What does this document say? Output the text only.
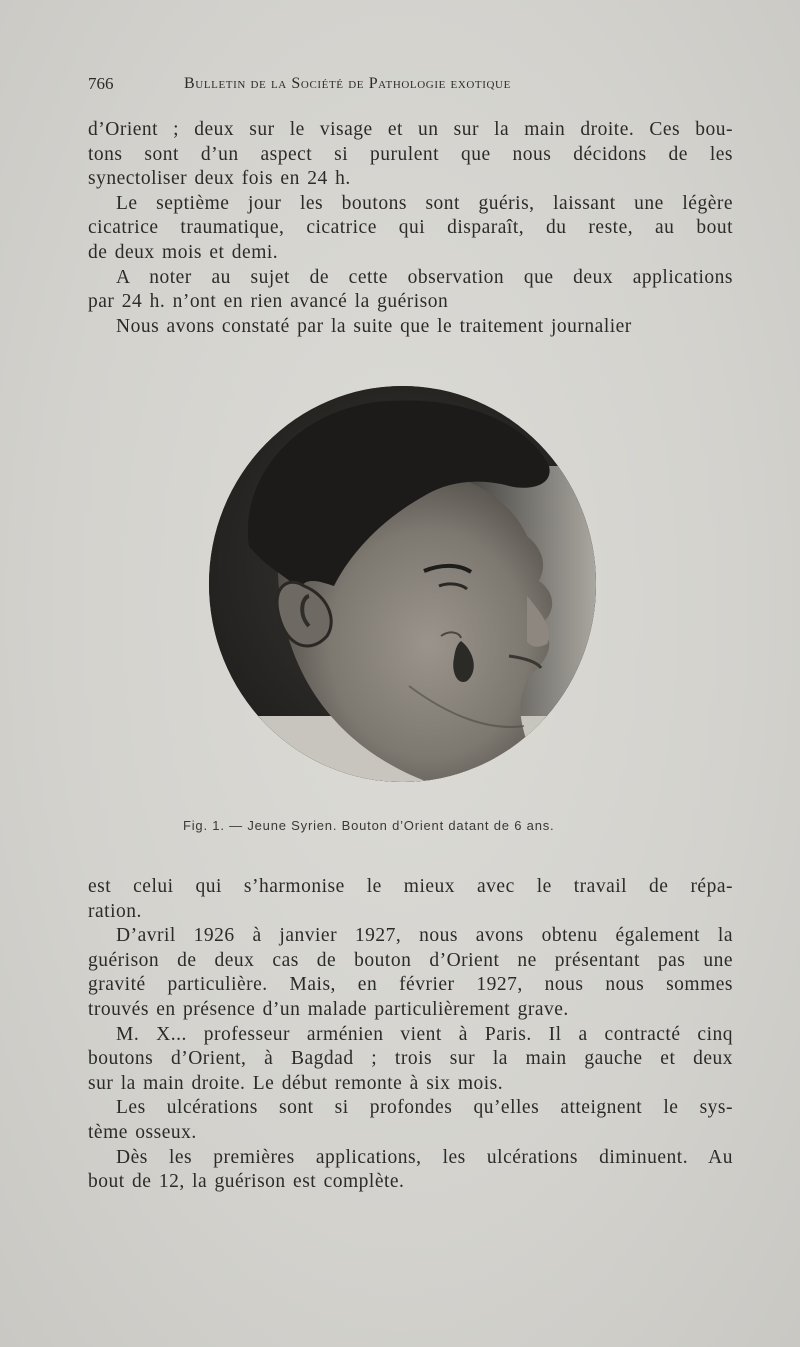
766	Bulletin de la Société de Pathologie exotique
d’Orient ; deux sur le visage et un sur la main droite. Ces bou-
tons sont d’un aspect si purulent que nous décidons de les
synectoliser deux fois en 24 h.
Le septième jour les boutons sont guéris, laissant une légère
cicatrice traumatique, cicatrice qui disparaît, du reste, au bout
de deux mois et demi.
A noter au sujet de cette observation que deux applications
par 24 h. n’ont en rien avancé la guérison
Nous avons constaté par la suite que le traitement journalier
Fig. 1. — Jeune Syrien. Bouton d’Orient datant de 6 ans.
est celui qui s’harmonise le mieux avec le travail de répa-
ration.
D’avril 1926 à janvier 1927, nous avons obtenu également la
guérison de deux cas de bouton d’Orient ne présentant pas une
gravité particulière. Mais, en février 1927, nous nous sommes
trouvés en présence d’un malade particulièrement grave.
M. X... professeur arménien vient à Paris. Il a contracté cinq
boutons d’Orient, à Bagdad ; trois sur la main gauche et deux
sur la main droite. Le début remonte à six mois.
Les ulcérations sont si profondes qu’elles atteignent le sys-
tème osseux.
Dès les premières applications, les ulcérations diminuent. Au
bout de 12, la guérison est complète.
